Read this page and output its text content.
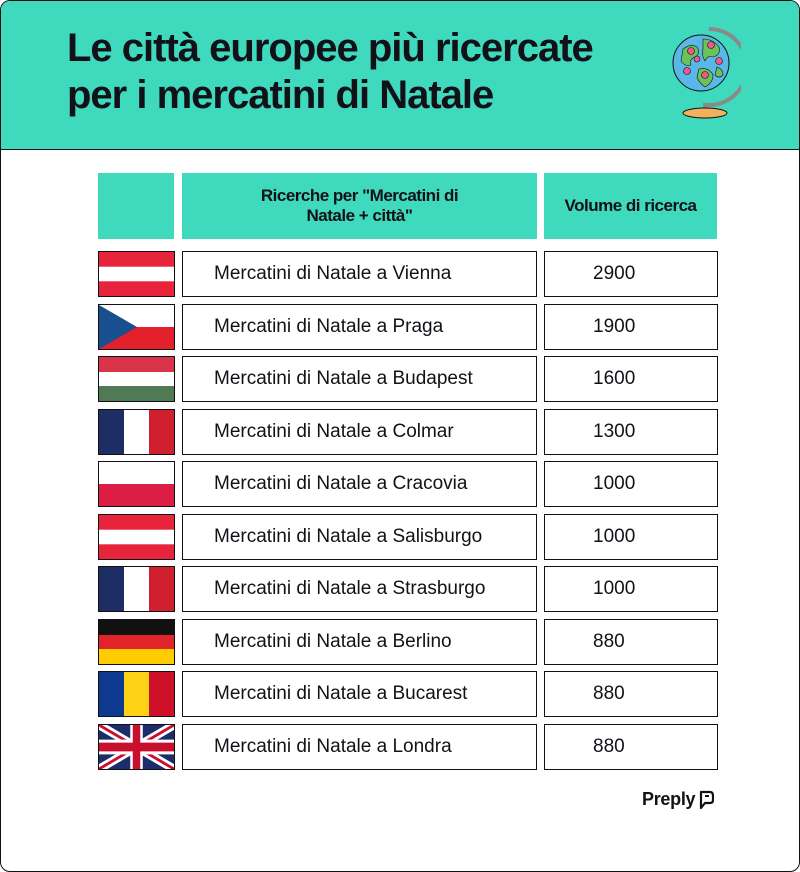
Le città europee più ricercate
per i mercatini di Natale
Ricerche per "Mercatini di Natale + città"
Volume di ricerca
Mercatini di Natale a Vienna	2900
Mercatini di Natale a Praga	1900
Mercatini di Natale a Budapest	1600
Mercatini di Natale a Colmar	1300
Mercatini di Natale a Cracovia	1000
Mercatini di Natale a Salisburgo	1000
Mercatini di Natale a Strasburgo	1000
Mercatini di Natale a Berlino	880
Mercatini di Natale a Bucarest	880
Mercatini di Natale a Londra	880
Preply
